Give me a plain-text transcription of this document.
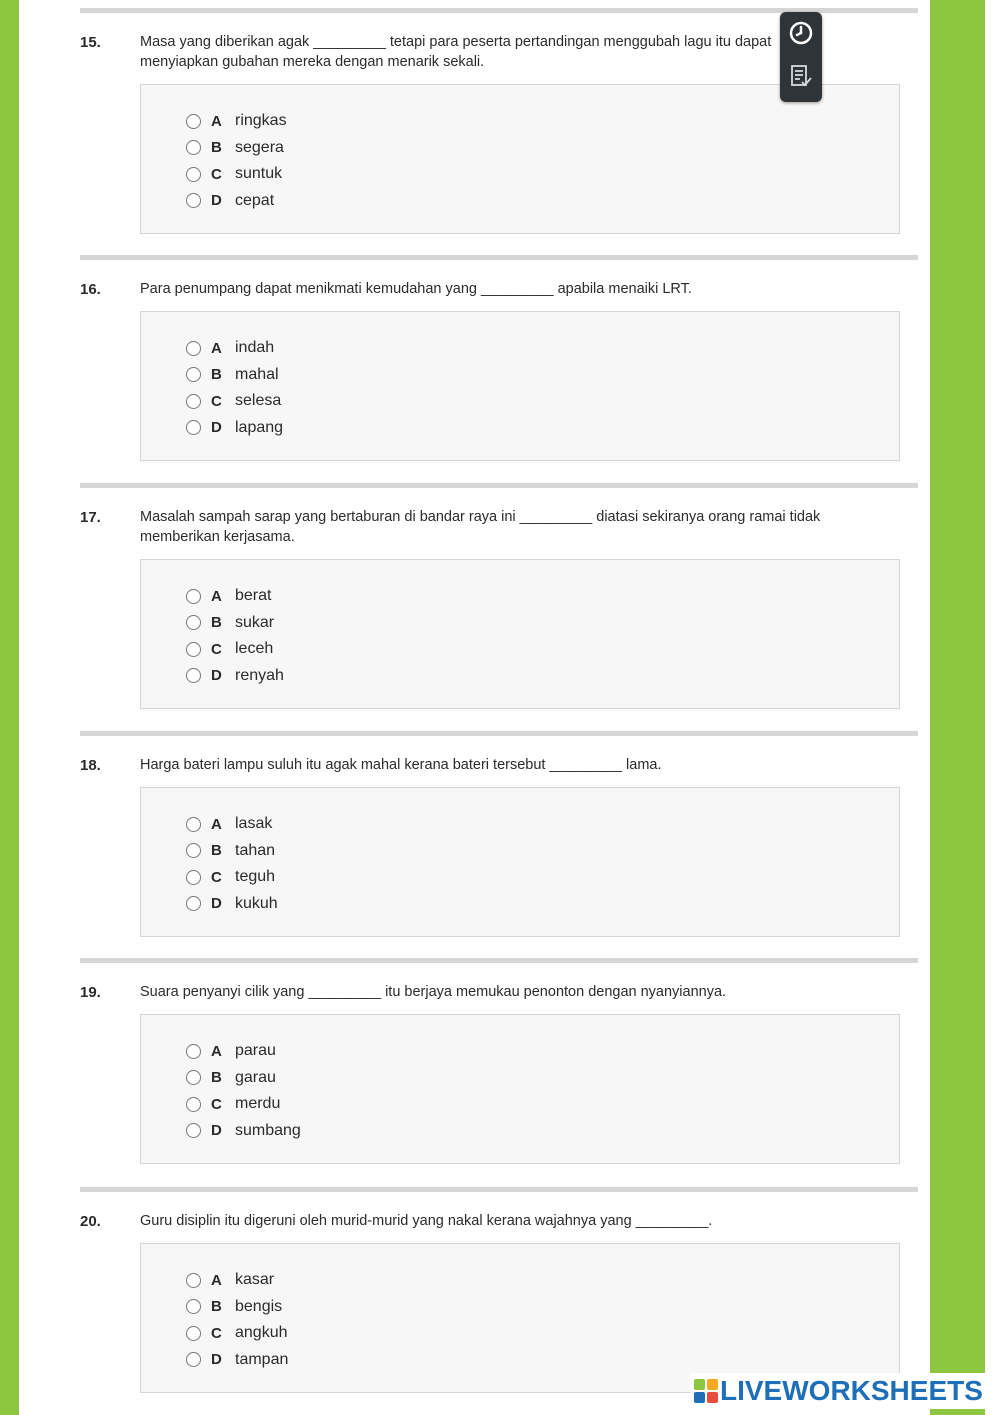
15.	Masa yang diberikan agak _________ tetapi para peserta pertandingan menggubah lagu itu dapat menyiapkan gubahan mereka dengan menarik sekali.
A ringkas
B segera
C suntuk
D cepat
16.	Para penumpang dapat menikmati kemudahan yang _________ apabila menaiki LRT.
A indah
B mahal
C selesa
D lapang
17.	Masalah sampah sarap yang bertaburan di bandar raya ini _________ diatasi sekiranya orang ramai tidak memberikan kerjasama.
A berat
B sukar
C leceh
D renyah
18.	Harga bateri lampu suluh itu agak mahal kerana bateri tersebut _________ lama.
A lasak
B tahan
C teguh
D kukuh
19.	Suara penyanyi cilik yang _________ itu berjaya memukau penonton dengan nyanyiannya.
A parau
B garau
C merdu
D sumbang
20.	Guru disiplin itu digeruni oleh murid-murid yang nakal kerana wajahnya yang _________.
A kasar
B bengis
C angkuh
D tampan
LIVEWORKSHEETS
